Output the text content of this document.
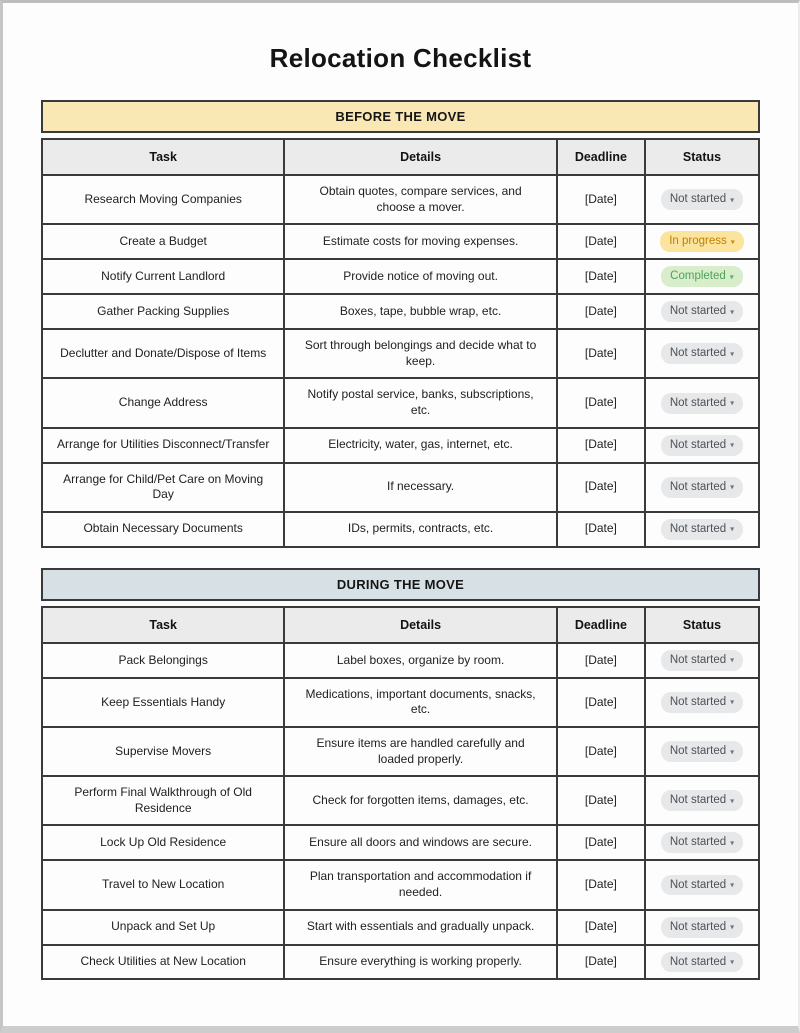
Relocation Checklist
BEFORE THE MOVE
Task	Details	Deadline	Status
Research Moving Companies	Obtain quotes, compare services, and choose a mover.	[Date]	Not started ▾

Create a Budget	Estimate costs for moving expenses.	[Date]	In progress ▾

Notify Current Landlord	Provide notice of moving out.	[Date]	Completed ▾

Gather Packing Supplies	Boxes, tape, bubble wrap, etc.	[Date]	Not started ▾

Declutter and Donate/Dispose of Items	Sort through belongings and decide what to keep.	[Date]	Not started ▾

Change Address	Notify postal service, banks, subscriptions, etc.	[Date]	Not started ▾

Arrange for Utilities Disconnect/Transfer	Electricity, water, gas, internet, etc.	[Date]	Not started ▾

Arrange for Child/Pet Care on Moving Day	If necessary.	[Date]	Not started ▾

Obtain Necessary Documents	IDs, permits, contracts, etc.	[Date]	Not started ▾
DURING THE MOVE
Task	Details	Deadline	Status
Pack Belongings	Label boxes, organize by room.	[Date]	Not started ▾

Keep Essentials Handy	Medications, important documents, snacks, etc.	[Date]	Not started ▾

Supervise Movers	Ensure items are handled carefully and loaded properly.	[Date]	Not started ▾

Perform Final Walkthrough of Old Residence	Check for forgotten items, damages, etc.	[Date]	Not started ▾

Lock Up Old Residence	Ensure all doors and windows are secure.	[Date]	Not started ▾

Travel to New Location	Plan transportation and accommodation if needed.	[Date]	Not started ▾

Unpack and Set Up	Start with essentials and gradually unpack.	[Date]	Not started ▾

Check Utilities at New Location	Ensure everything is working properly.	[Date]	Not started ▾
